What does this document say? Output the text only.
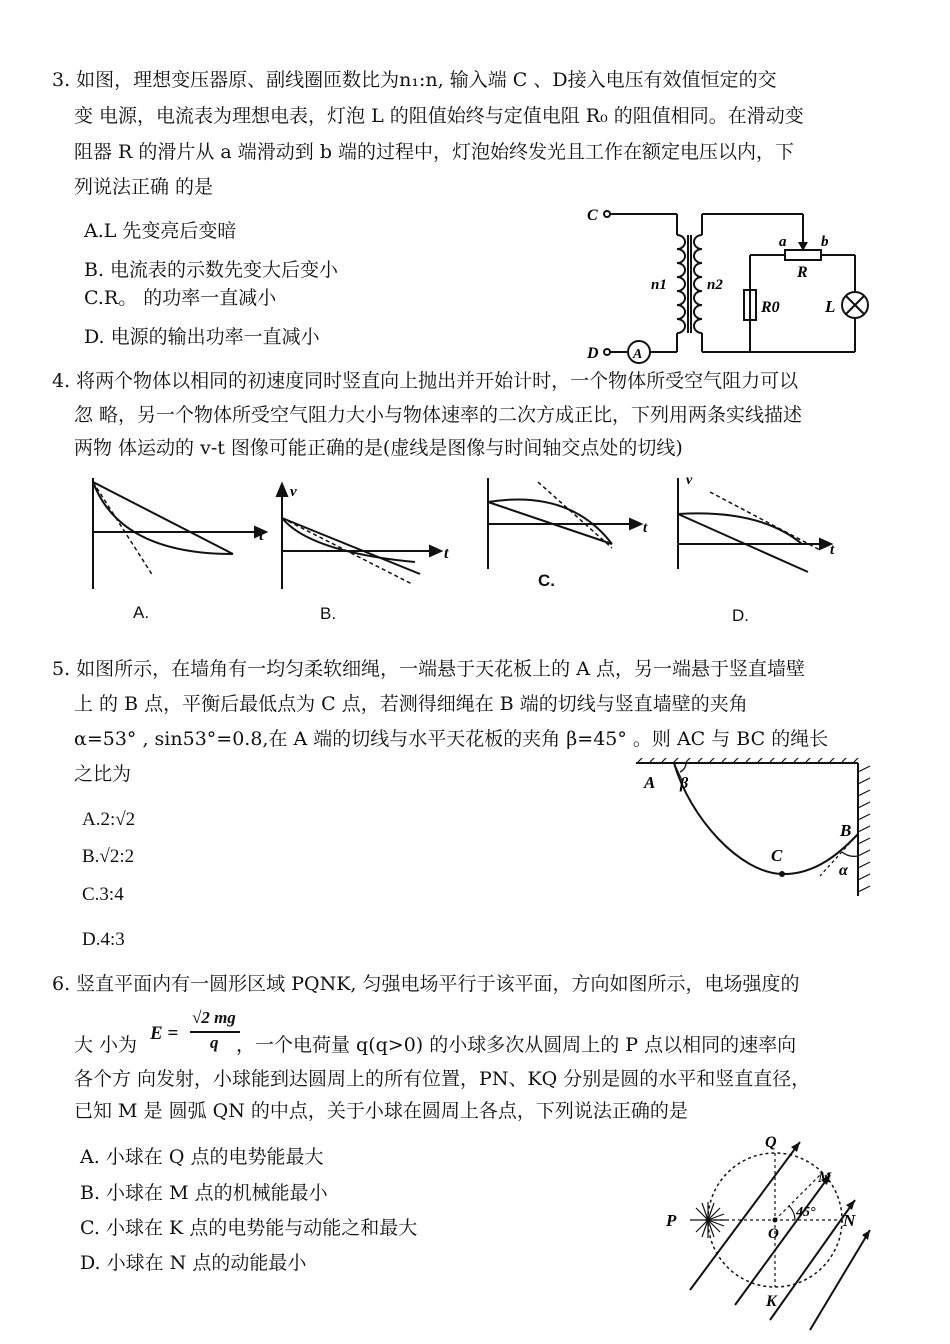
3. 如图，理想变压器原、副线圈匝数比为n₁:n, 输入端 C 、D接入电压有效值恒定的交
变 电源，电流表为理想电表，灯泡 L 的阻值始终与定值电阻 R₀ 的阻值相同。在滑动变
阻器 R 的滑片从 a 端滑动到 b 端的过程中，灯泡始终发光且工作在额定电压以内，下
列说法正确 的是
A.L 先变亮后变暗
B. 电流表的示数先变大后变小
C.R。 的功率一直减小
D. 电源的输出功率一直减小
C
D A
n1	n2
a b
R
R0	L
4. 将两个物体以相同的初速度同时竖直向上抛出并开始计时，一个物体所受空气阻力可以
忽 略，另一个物体所受空气阻力大小与物体速率的二次方成正比，下列用两条实线描述
两物 体运动的 v-t 图像可能正确的是(虚线是图像与时间轴交点处的切线)
t
A.
v
t
B.
t
C.
v
t
D.
5. 如图所示，在墙角有一均匀柔软细绳，一端悬于天花板上的 A 点，另一端悬于竖直墙壁
上 的 B 点，平衡后最低点为 C 点，若测得细绳在 B 端的切线与竖直墙壁的夹角
α=53° , sin53°=0.8,在 A 端的切线与水平天花板的夹角 β=45° 。则 AC 与 BC 的绳长
之比为
A.2:√2
B.√2:2
C.3:4
D.4:3
A β
B
C
α
6. 竖直平面内有一圆形区域 PQNK, 匀强电场平行于该平面，方向如图所示，电场强度的
大 小为
E =
√2 mg
q ，一个电荷量 q(q>0) 的小球多次从圆周上的 P 点以相同的速率向
各个方 向发射，小球能到达圆周上的所有位置，PN、KQ 分别是圆的水平和竖直直径，
已知 M 是 圆弧 QN 的中点，关于小球在圆周上各点，下列说法正确的是
A. 小球在 Q 点的电势能最大
B. 小球在 M 点的机械能最小
C. 小球在 K 点的电势能与动能之和最大
D. 小球在 N 点的动能最小
Q
M
P
O
N
K
45°
